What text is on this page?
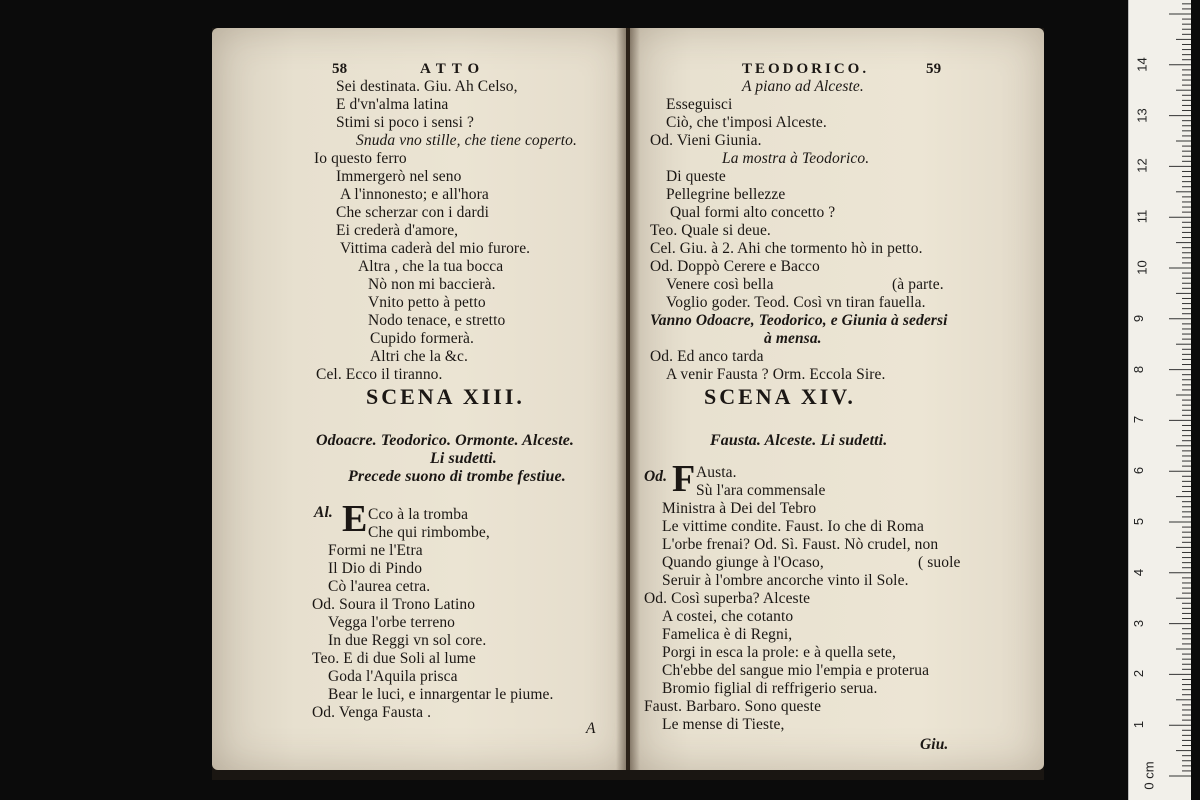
58	ATTO
Sei destinata. Giu. Ah Celso,
E d'vn'alma latina
Stimi si poco i sensi ?
Snuda vno stille, che tiene coperto.
Io questo ferro
Immergerò nel seno
A l'innonesto; e all'hora
Che scherzar con i dardi
Ei crederà d'amore,
Vittima caderà del mio furore.
Altra , che la tua bocca
Nò non mi baccierà.
Vnito petto à petto
Nodo tenace, e stretto
Cupido formerà.
Altri che la &c.
Cel. Ecco il tiranno.
SCENA XIII.
Odoacre. Teodorico. Ormonte. Alceste.
Li sudetti.
Precede suono di trombe festiue.
Al. E Cco à la tromba
Che qui rimbombe,
Formi ne l'Etra
Il Dio di Pindo
Cò l'aurea cetra.
Od. Soura il Trono Latino
Vegga l'orbe terreno
In due Reggi vn sol core.
Teo. E di due Soli al lume
Goda l'Aquila prisca
Bear le luci, e innargentar le piume.
Od. Venga Fausta .
A
TEODORICO.	59
A piano ad Alceste.
Esseguisci
Ciò, che t'imposi Alceste.
Od. Vieni Giunia.
La mostra à Teodorico.
Di queste
Pellegrine bellezze
Qual formi alto concetto ?
Teo. Quale si deue.
Cel. Giu. à 2. Ahi che tormento hò in petto.
Od. Doppò Cerere e Bacco
Venere così bella	(à parte.
Voglio goder. Teod. Così vn tiran fauella.
Vanno Odoacre, Teodorico, e Giunia à sedersi
à mensa.
Od. Ed anco tarda
A venir Fausta ? Orm. Eccola Sire.
SCENA XIV.
Fausta. Alceste. Li sudetti.
Od. F Austa.
Sù l'ara commensale
Ministra à Dei del Tebro
Le vittime condite. Faust. Io che di Roma
L'orbe frenai? Od. Sì. Faust. Nò crudel, non
Quando giunge à l'Ocaso,	( suole
Seruir à l'ombre ancorche vinto il Sole.
Od. Così superba? Alceste
A costei, che cotanto
Famelica è di Regni,
Porgi in esca la prole: e à quella sete,
Ch'ebbe del sangue mio l'empia e proterua
Bromio figlial di reffrigerio serua.
Faust. Barbaro. Sono queste
Le mense di Tieste,
Giu.
0 cm
1
2
3
4
5
6
7
8
9
10
11
12
13
14
